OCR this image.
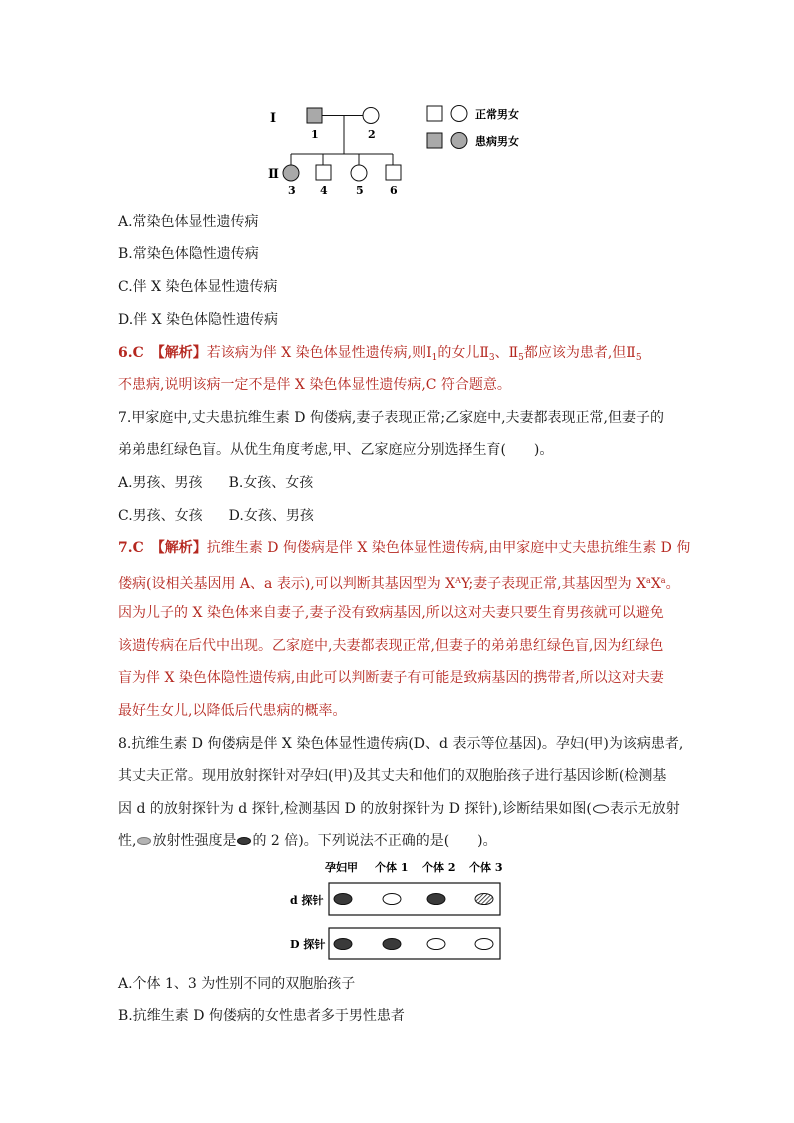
Ⅰ
Ⅱ
1	2
3 4	5 6
正常男女
患病男女
A.常染色体显性遗传病
B.常染色体隐性遗传病
C.伴 X 染色体显性遗传病
D.伴 X 染色体隐性遗传病
6.C　【解析】若该病为伴 X 染色体显性遗传病,则$Ⅰ_1$的女儿$Ⅱ_3$、$Ⅱ_5$都应该为患者,但$Ⅱ_5$
不患病,说明该病一定不是伴 X 染色体显性遗传病,C 符合题意。
7.甲家庭中,丈夫患抗维生素 D 佝偻病,妻子表现正常;乙家庭中,夫妻都表现正常,但妻子的
弟弟患红绿色盲。从优生角度考虑,甲、乙家庭应分别选择生育(　　)。
A.男孩、男孩 B.女孩、女孩
C.男孩、女孩 D.女孩、男孩
7.C　【解析】抗维生素 D 佝偻病是伴 X 染色体显性遗传病,由甲家庭中丈夫患抗维生素 D 佝
偻病(设相关基因用 A、a 表示),可以判断其基因型为 $X^AY$;妻子表现正常,其基因型为 $X^aX^a$。
因为儿子的 X 染色体来自妻子,妻子没有致病基因,所以这对夫妻只要生育男孩就可以避免
该遗传病在后代中出现。乙家庭中,夫妻都表现正常,但妻子的弟弟患红绿色盲,因为红绿色
盲为伴 X 染色体隐性遗传病,由此可以判断妻子有可能是致病基因的携带者,所以这对夫妻
最好生女儿,以降低后代患病的概率。
8.抗维生素 D 佝偻病是伴 X 染色体显性遗传病(D、d 表示等位基因)。孕妇(甲)为该病患者,
其丈夫正常。现用放射探针对孕妇(甲)及其丈夫和他们的双胞胎孩子进行基因诊断(检测基
因 d 的放射探针为 d 探针,检测基因 D 的放射探针为 D 探针),诊断结果如图( 表示无放射
性, 放射性强度是 的 2 倍)。下列说法不正确的是(　　)。
孕妇甲 个体 1 个体 2 个体 3
d 探针
D 探针
A.个体 1、3 为性别不同的双胞胎孩子
B.抗维生素 D 佝偻病的女性患者多于男性患者
